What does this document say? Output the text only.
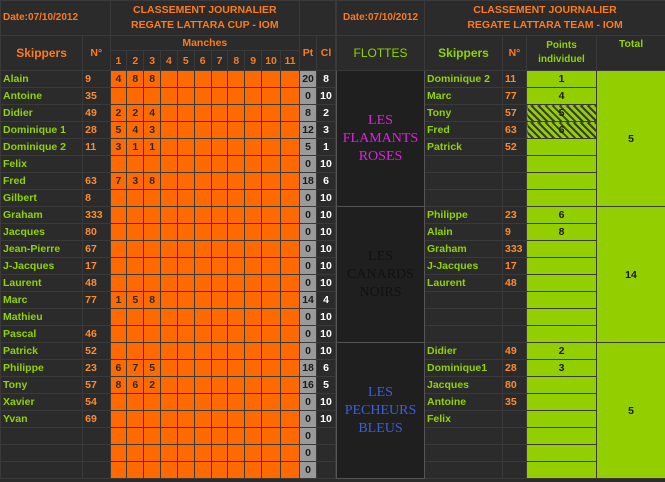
Date:07/10/2012		CLASSEMENT JOURNALIER
REGATE LATTARA CUP - IOM												

Skippers	N°	Manches											Pt	Cl
		1	2	3	4	5	6	7	8	9	10	11		
Alain	9	4	8	8									20	8
Antoine	35												0	10
Didier	49	2	2	4									8	2
Dominique 1	28	5	4	3									12	3
Dominique 2	11	3	1	1									5	1
Felix													0	10
Fred	63	7	3	8									18	6
Gilbert	8												0	10
Graham	333												0	10
Jacques	80												0	10
Jean-Pierre	67												0	10
J-Jacques	17												0	10
Laurent	48												0	10
Marc	77	1	5	8									14	4
Mathieu													0	10
Pascal	46												0	10
Patrick	52												0	10
Philippe	23	6	7	5									18	6
Tony	57	8	6	2									16	5
Xavier	54												0	10
Yvan	69												0	10
													0	
													0	
													0	
Date:07/10/2012	CLASSEMENT JOURNALIER
REGATE LATTARA TEAM - IOM			

FLOTTES	Skippers	N°	Points individuel	Total
LES FLAMANTS ROSES	Dominique 2	11	1	5
	Marc	77	4	
	Tony	57	5	
	Fred	63	6	
	Patrick	52		

LES CANARDS NOIRS	Philippe	23	6	14
	Alain	9	8	
	Graham	333		
	J-Jacques	17		
	Laurent	48		

LES PECHEURS BLEUS	Didier	49	2	5
	Dominique1	28	3	
	Jacques	80		
	Antoine	35		
	Felix			
